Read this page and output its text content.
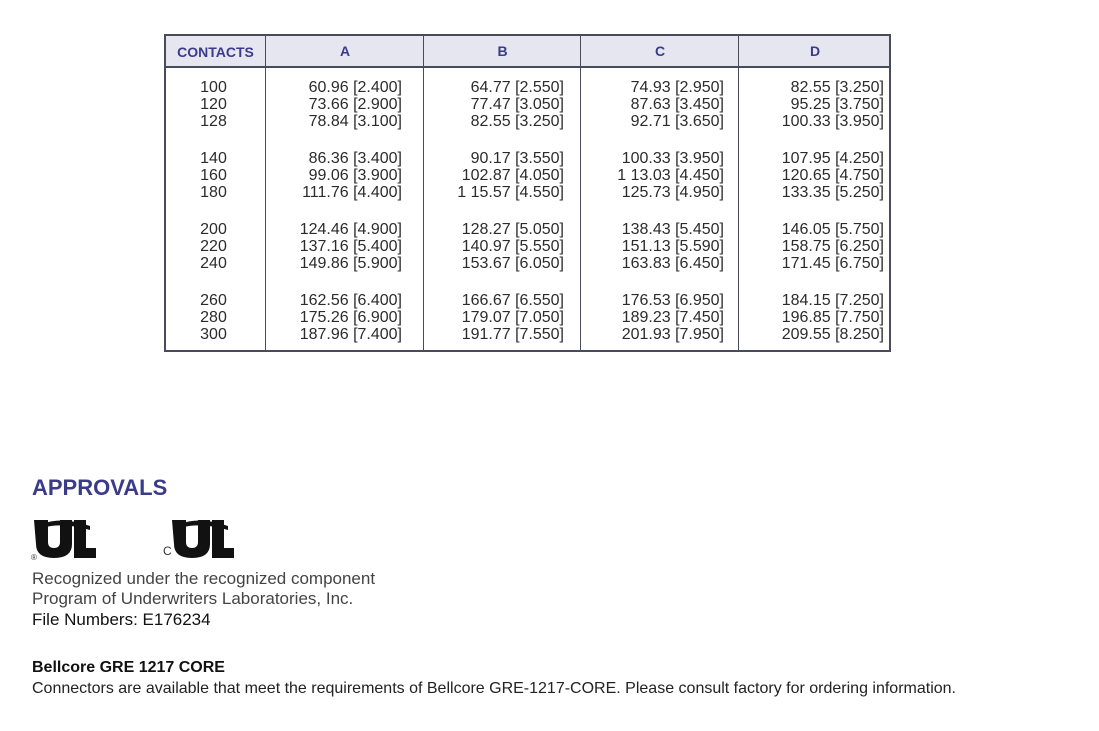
CONTACTS	A	B	C	D
100	60.96 [2.400]	64.77 [2.550]	74.93 [2.950]	82.55 [3.250]
120	73.66 [2.900]	77.47 [3.050]	87.63 [3.450]	95.25 [3.750]
128	78.84 [3.100]	82.55 [3.250]	92.71 [3.650]	100.33 [3.950]
140	86.36 [3.400]	90.17 [3.550]	100.33 [3.950]	107.95 [4.250]
160	99.06 [3.900]	102.87 [4.050]	1 13.03 [4.450]	120.65 [4.750]
180	111.76 [4.400]	1 15.57 [4.550]	125.73 [4.950]	133.35 [5.250]
200	124.46 [4.900]	128.27 [5.050]	138.43 [5.450]	146.05 [5.750]
220	137.16 [5.400]	140.97 [5.550]	151.13 [5.590]	158.75 [6.250]
240	149.86 [5.900]	153.67 [6.050]	163.83 [6.450]	171.45 [6.750]
260	162.56 [6.400]	166.67 [6.550]	176.53 [6.950]	184.15 [7.250]
280	175.26 [6.900]	179.07 [7.050]	189.23 [7.450]	196.85 [7.750]
300	187.96 [7.400]	191.77 [7.550]	201.93 [7.950]	209.55 [8.250]
APPROVALS
®	C
Recognized under the recognized component
Program of Underwriters Laboratories, Inc.
File Numbers: E176234
Bellcore GRE 1217 CORE
Connectors are available that meet the requirements of Bellcore GRE-1217-CORE. Please consult factory for ordering information.
